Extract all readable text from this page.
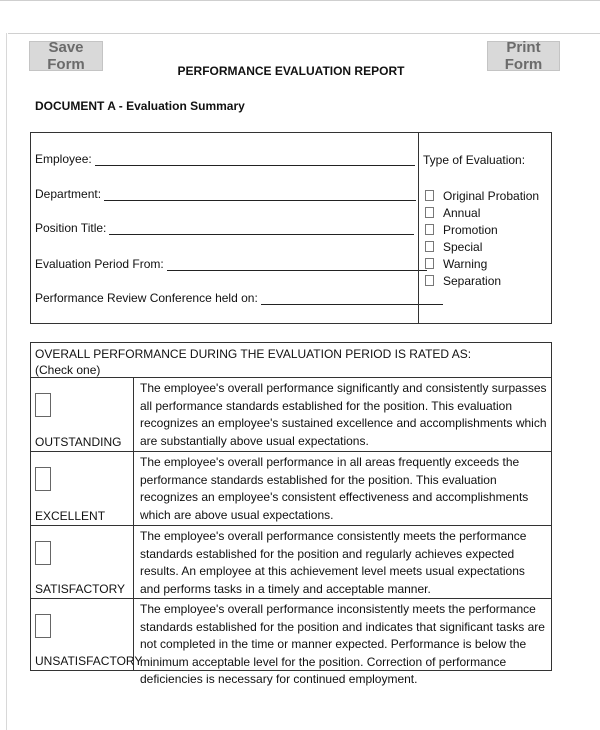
Save Form
Print Form
PERFORMANCE EVALUATION REPORT
DOCUMENT A - Evaluation Summary
Employee:
Department:
Position Title:
Evaluation Period From:
Performance Review Conference held on:
Type of Evaluation:
Original Probation
Annual
Promotion
Special
Warning
Separation
OVERALL PERFORMANCE DURING THE EVALUATION PERIOD IS RATED AS:
(Check one)
OUTSTANDING
The employee's overall performance significantly and consistently surpasses all performance standards established for the position. This evaluation recognizes an employee's sustained excellence and accomplishments which are substantially above usual expectations.
EXCELLENT
The employee's overall performance in all areas frequently exceeds the performance standards established for the position. This evaluation recognizes an employee's consistent effectiveness and accomplishments which are above usual expectations.
SATISFACTORY
The employee's overall performance consistently meets the performance standards established for the position and regularly achieves expected results. An employee at this achievement level meets usual expectations and performs tasks in a timely and acceptable manner.
UNSATISFACTORY
The employee's overall performance inconsistently meets the performance standards established for the position and indicates that significant tasks are not completed in the time or manner expected. Performance is below the minimum acceptable level for the position. Correction of performance deficiencies is necessary for continued employment.
